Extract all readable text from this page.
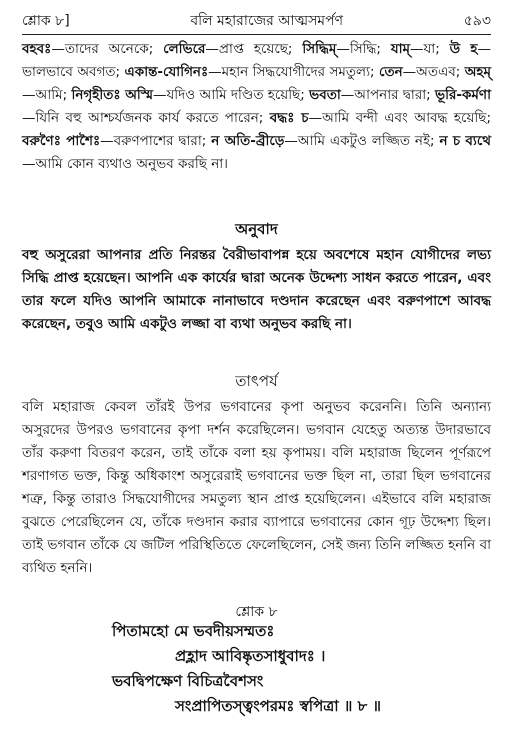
শ্লোক ৮]	বলি মহারাজের আত্মসমর্পণ	৫৯৩
বহবঃ—তাদের অনেকে; লেভিরে—প্রাপ্ত হয়েছে; সিদ্ধিম্‌—সিদ্ধি; যাম্‌—যা; উ হ—ভালভাবে অবগত; একান্ত-যোগিনঃ—মহান সিদ্ধযোগীদের সমতুল্য; তেন—অতএব; অহম্‌—আমি; নিগৃহীতঃ অস্মি—যদিও আমি দণ্ডিত হয়েছি; ভবতা—আপনার দ্বারা; ভূরি-কর্মণা—যিনি বহু আশ্চর্যজনক কার্য করতে পারেন; বদ্ধঃ চ—আমি বন্দী এবং আবদ্ধ হয়েছি; বরুণৈঃ পাশৈঃ—বরুণপাশের দ্বারা; ন অতি-ব্রীড়ে—আমি একটুও লজ্জিত নই; ন চ ব্যথে—আমি কোন ব্যথাও অনুভব করছি না।
অনুবাদ
বহু অসুরেরা আপনার প্রতি নিরন্তর বৈরীভাবাপন্ন হয়ে অবশেষে মহান যোগীদের লভ্য সিদ্ধি প্রাপ্ত হয়েছেন। আপনি এক কার্যের দ্বারা অনেক উদ্দেশ্য সাধন করতে পারেন, এবং তার ফলে যদিও আপনি আমাকে নানাভাবে দণ্ডদান করেছেন এবং বরুণপাশে আবদ্ধ করেছেন, তবুও আমি একটুও লজ্জা বা ব্যথা অনুভব করছি না।
তাৎপর্য
বলি মহারাজ কেবল তাঁরই উপর ভগবানের কৃপা অনুভব করেননি। তিনি অন্যান্য অসুরদের উপরও ভগবানের কৃপা দর্শন করেছিলেন। ভগবান যেহেতু অত্যন্ত উদারভাবে তাঁর করুণা বিতরণ করেন, তাই তাঁকে বলা হয় কৃপাময়। বলি মহারাজ ছিলেন পূর্ণরূপে শরণাগত ভক্ত, কিন্তু অধিকাংশ অসুরেরাই ভগবানের ভক্ত ছিল না, তারা ছিল ভগবানের শত্রু, কিন্তু তারাও সিদ্ধযোগীদের সমতুল্য স্থান প্রাপ্ত হয়েছিলেন। এইভাবে বলি মহারাজ বুঝতে পেরেছিলেন যে, তাঁকে দণ্ডদান করার ব্যাপারে ভগবানের কোন গূঢ় উদ্দেশ্য ছিল। তাই ভগবান তাঁকে যে জটিল পরিস্থিতিতে ফেলেছিলেন, সেই জন্য তিনি লজ্জিত হননি বা ব্যথিত হননি।
শ্লোক ৮
পিতামহো মে ভবদীয়সম্মতঃ
প্রহ্লাদ আবিষ্কৃতসাধুবাদঃ ।
ভবদ্বিপক্ষেণ বিচিত্রবৈশসং
সংপ্রাপিতস্ত্বংপরমঃ স্বপিত্রা ॥ ৮ ॥
